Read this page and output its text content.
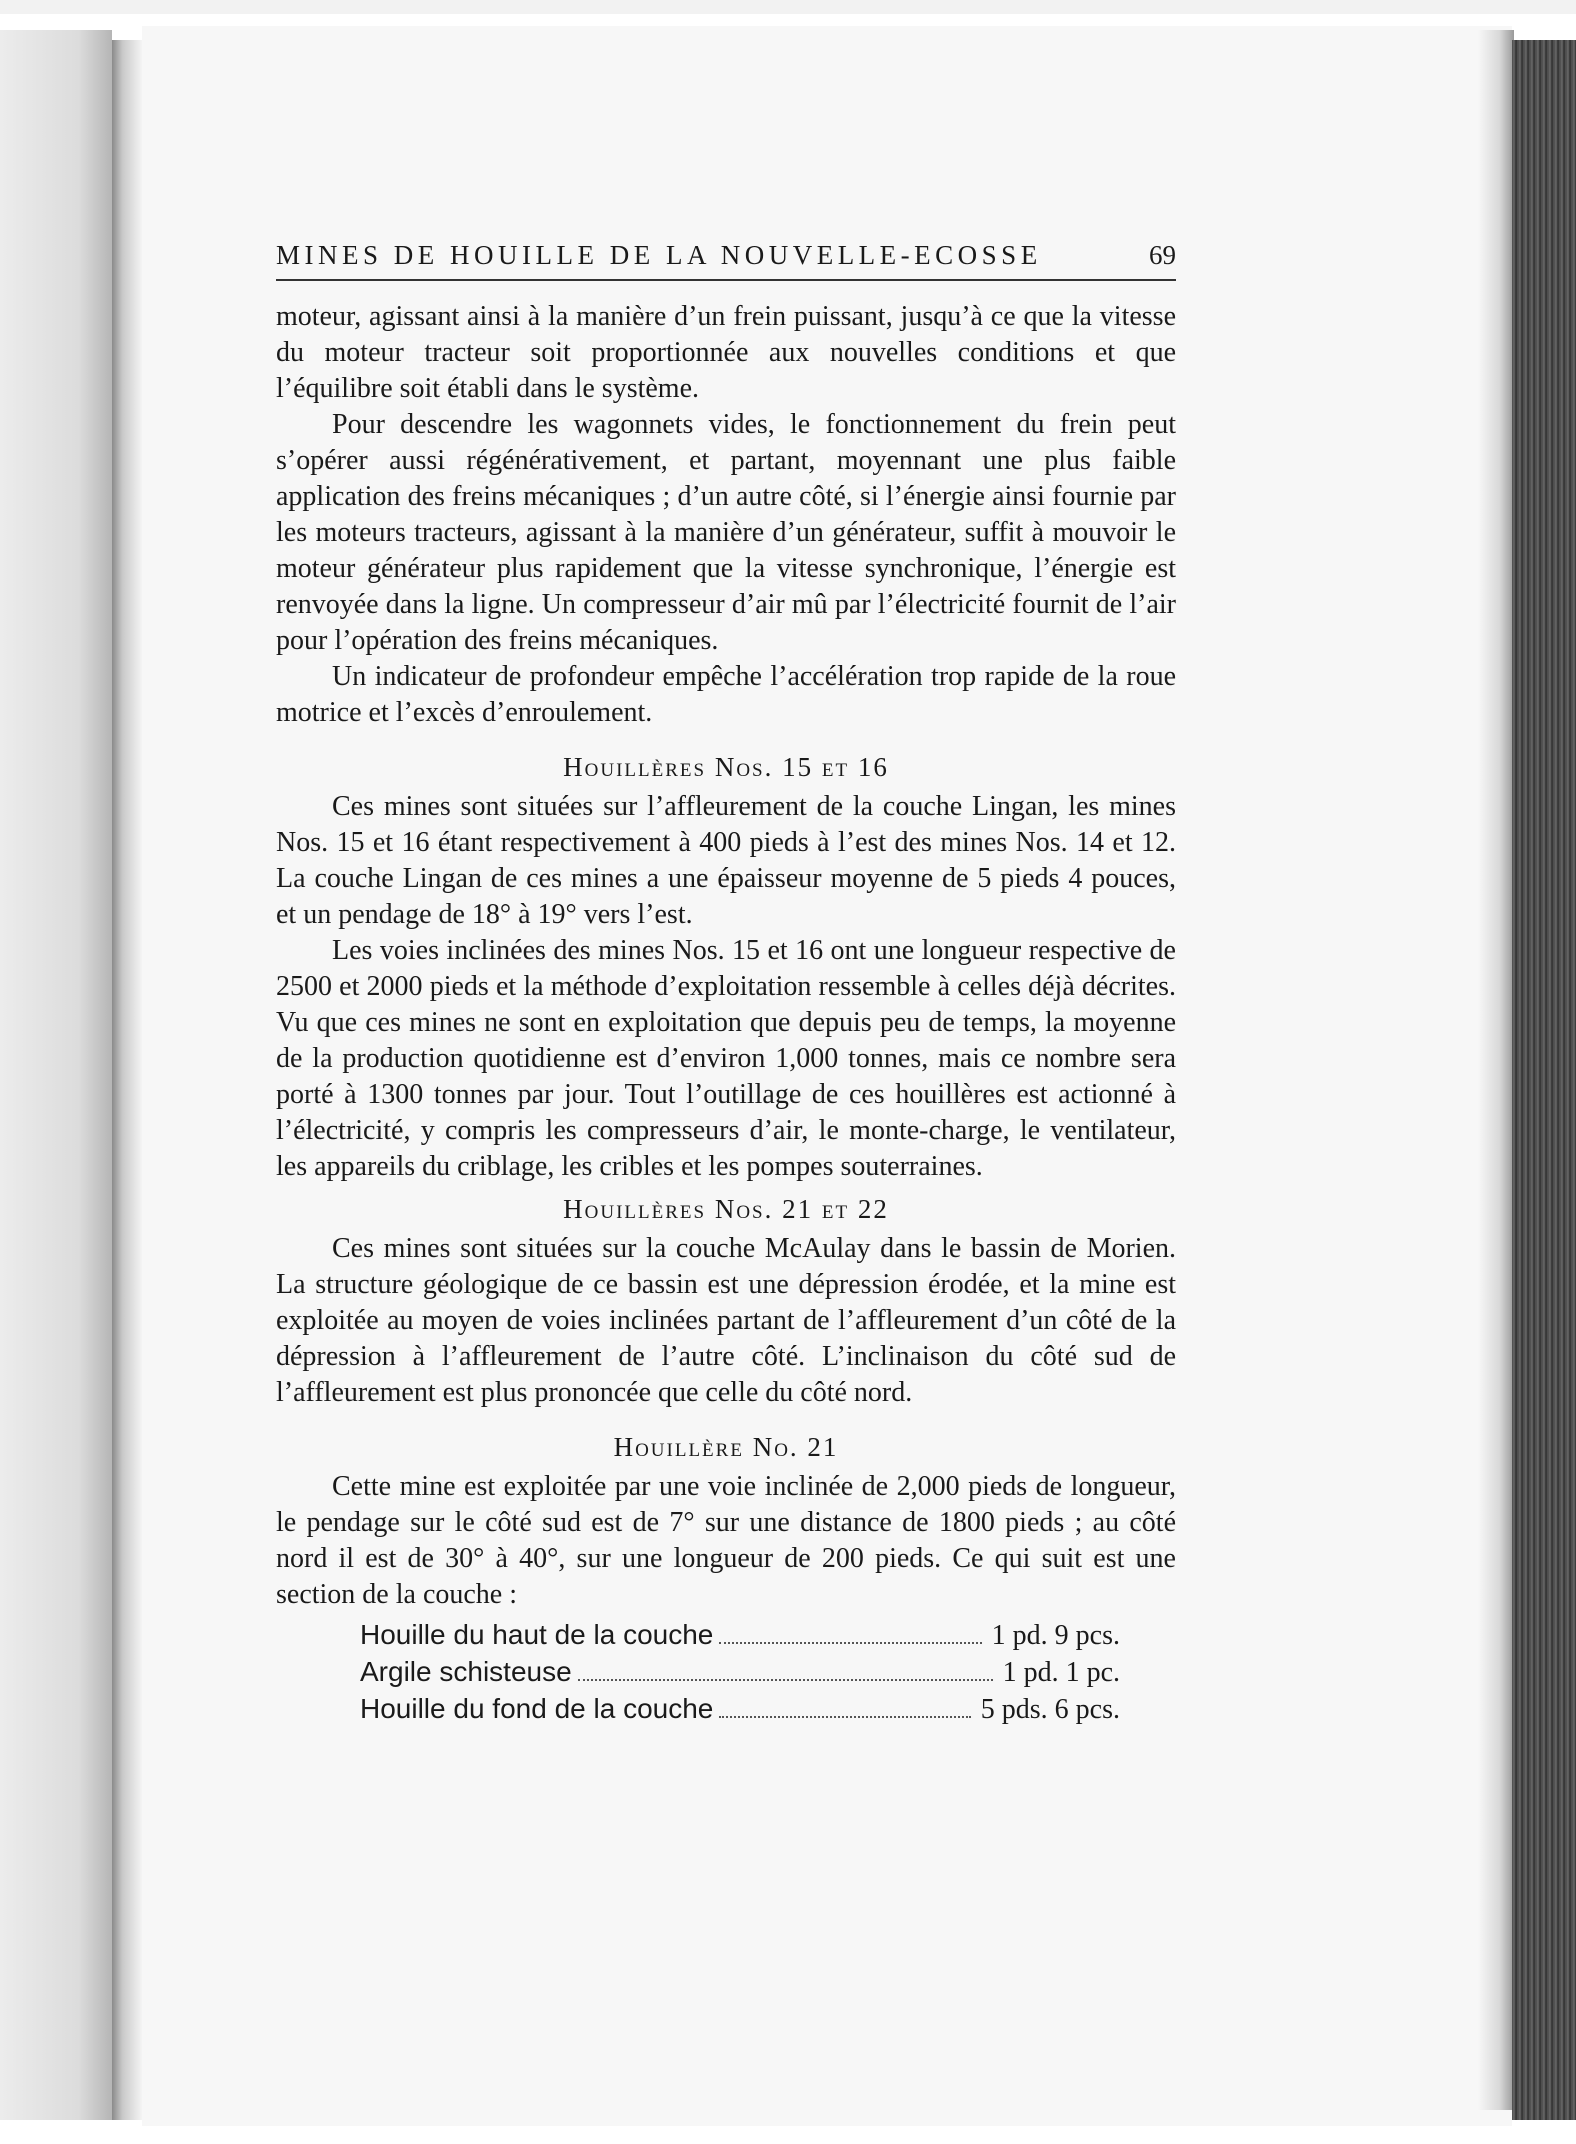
MINES DE HOUILLE DE LA NOUVELLE-ECOSSE	69

moteur, agissant ainsi à la manière d’un frein puissant, jusqu’à ce que la vitesse du moteur tracteur soit proportionnée aux nouvelles conditions et que l’équilibre soit établi dans le système.

Pour descendre les wagonnets vides, le fonctionnement du frein peut s’opérer aussi régénérativement, et partant, moyennant une plus faible application des freins mécaniques ; d’un autre côté, si l’énergie ainsi fournie par les moteurs tracteurs, agissant à la manière d’un générateur, suffit à mouvoir le moteur générateur plus rapidement que la vitesse synchronique, l’énergie est renvoyée dans la ligne. Un compresseur d’air mû par l’électricité fournit de l’air pour l’opération des freins mécaniques.

Un indicateur de profondeur empêche l’accélération trop rapide de la roue motrice et l’excès d’enroulement.

Houillères Nos. 15 et 16

Ces mines sont situées sur l’affleurement de la couche Lingan, les mines Nos. 15 et 16 étant respectivement à 400 pieds à l’est des mines Nos. 14 et 12. La couche Lingan de ces mines a une épaisseur moyenne de 5 pieds 4 pouces, et un pendage de 18° à 19° vers l’est.

Les voies inclinées des mines Nos. 15 et 16 ont une longueur respective de 2500 et 2000 pieds et la méthode d’exploitation ressemble à celles déjà décrites. Vu que ces mines ne sont en exploitation que depuis peu de temps, la moyenne de la production quotidienne est d’environ 1,000 tonnes, mais ce nombre sera porté à 1300 tonnes par jour. Tout l’outillage de ces houillères est actionné à l’électricité, y compris les compresseurs d’air, le monte-charge, le ventilateur, les appareils du criblage, les cribles et les pompes souterraines.

Houillères Nos. 21 et 22

Ces mines sont situées sur la couche McAulay dans le bassin de Morien. La structure géologique de ce bassin est une dépression érodée, et la mine est exploitée au moyen de voies inclinées partant de l’affleurement d’un côté de la dépression à l’affleurement de l’autre côté. L’inclinaison du côté sud de l’affleurement est plus prononcée que celle du côté nord.

Houillère No. 21

Cette mine est exploitée par une voie inclinée de 2,000 pieds de longueur, le pendage sur le côté sud est de 7° sur une distance de 1800 pieds ; au côté nord il est de 30° à 40°, sur une longueur de 200 pieds. Ce qui suit est une section de la couche :

Houille du haut de la couche	1 pd. 9 pcs.
Argile schisteuse	1 pd. 1 pc.
Houille du fond de la couche	5 pds. 6 pcs.
